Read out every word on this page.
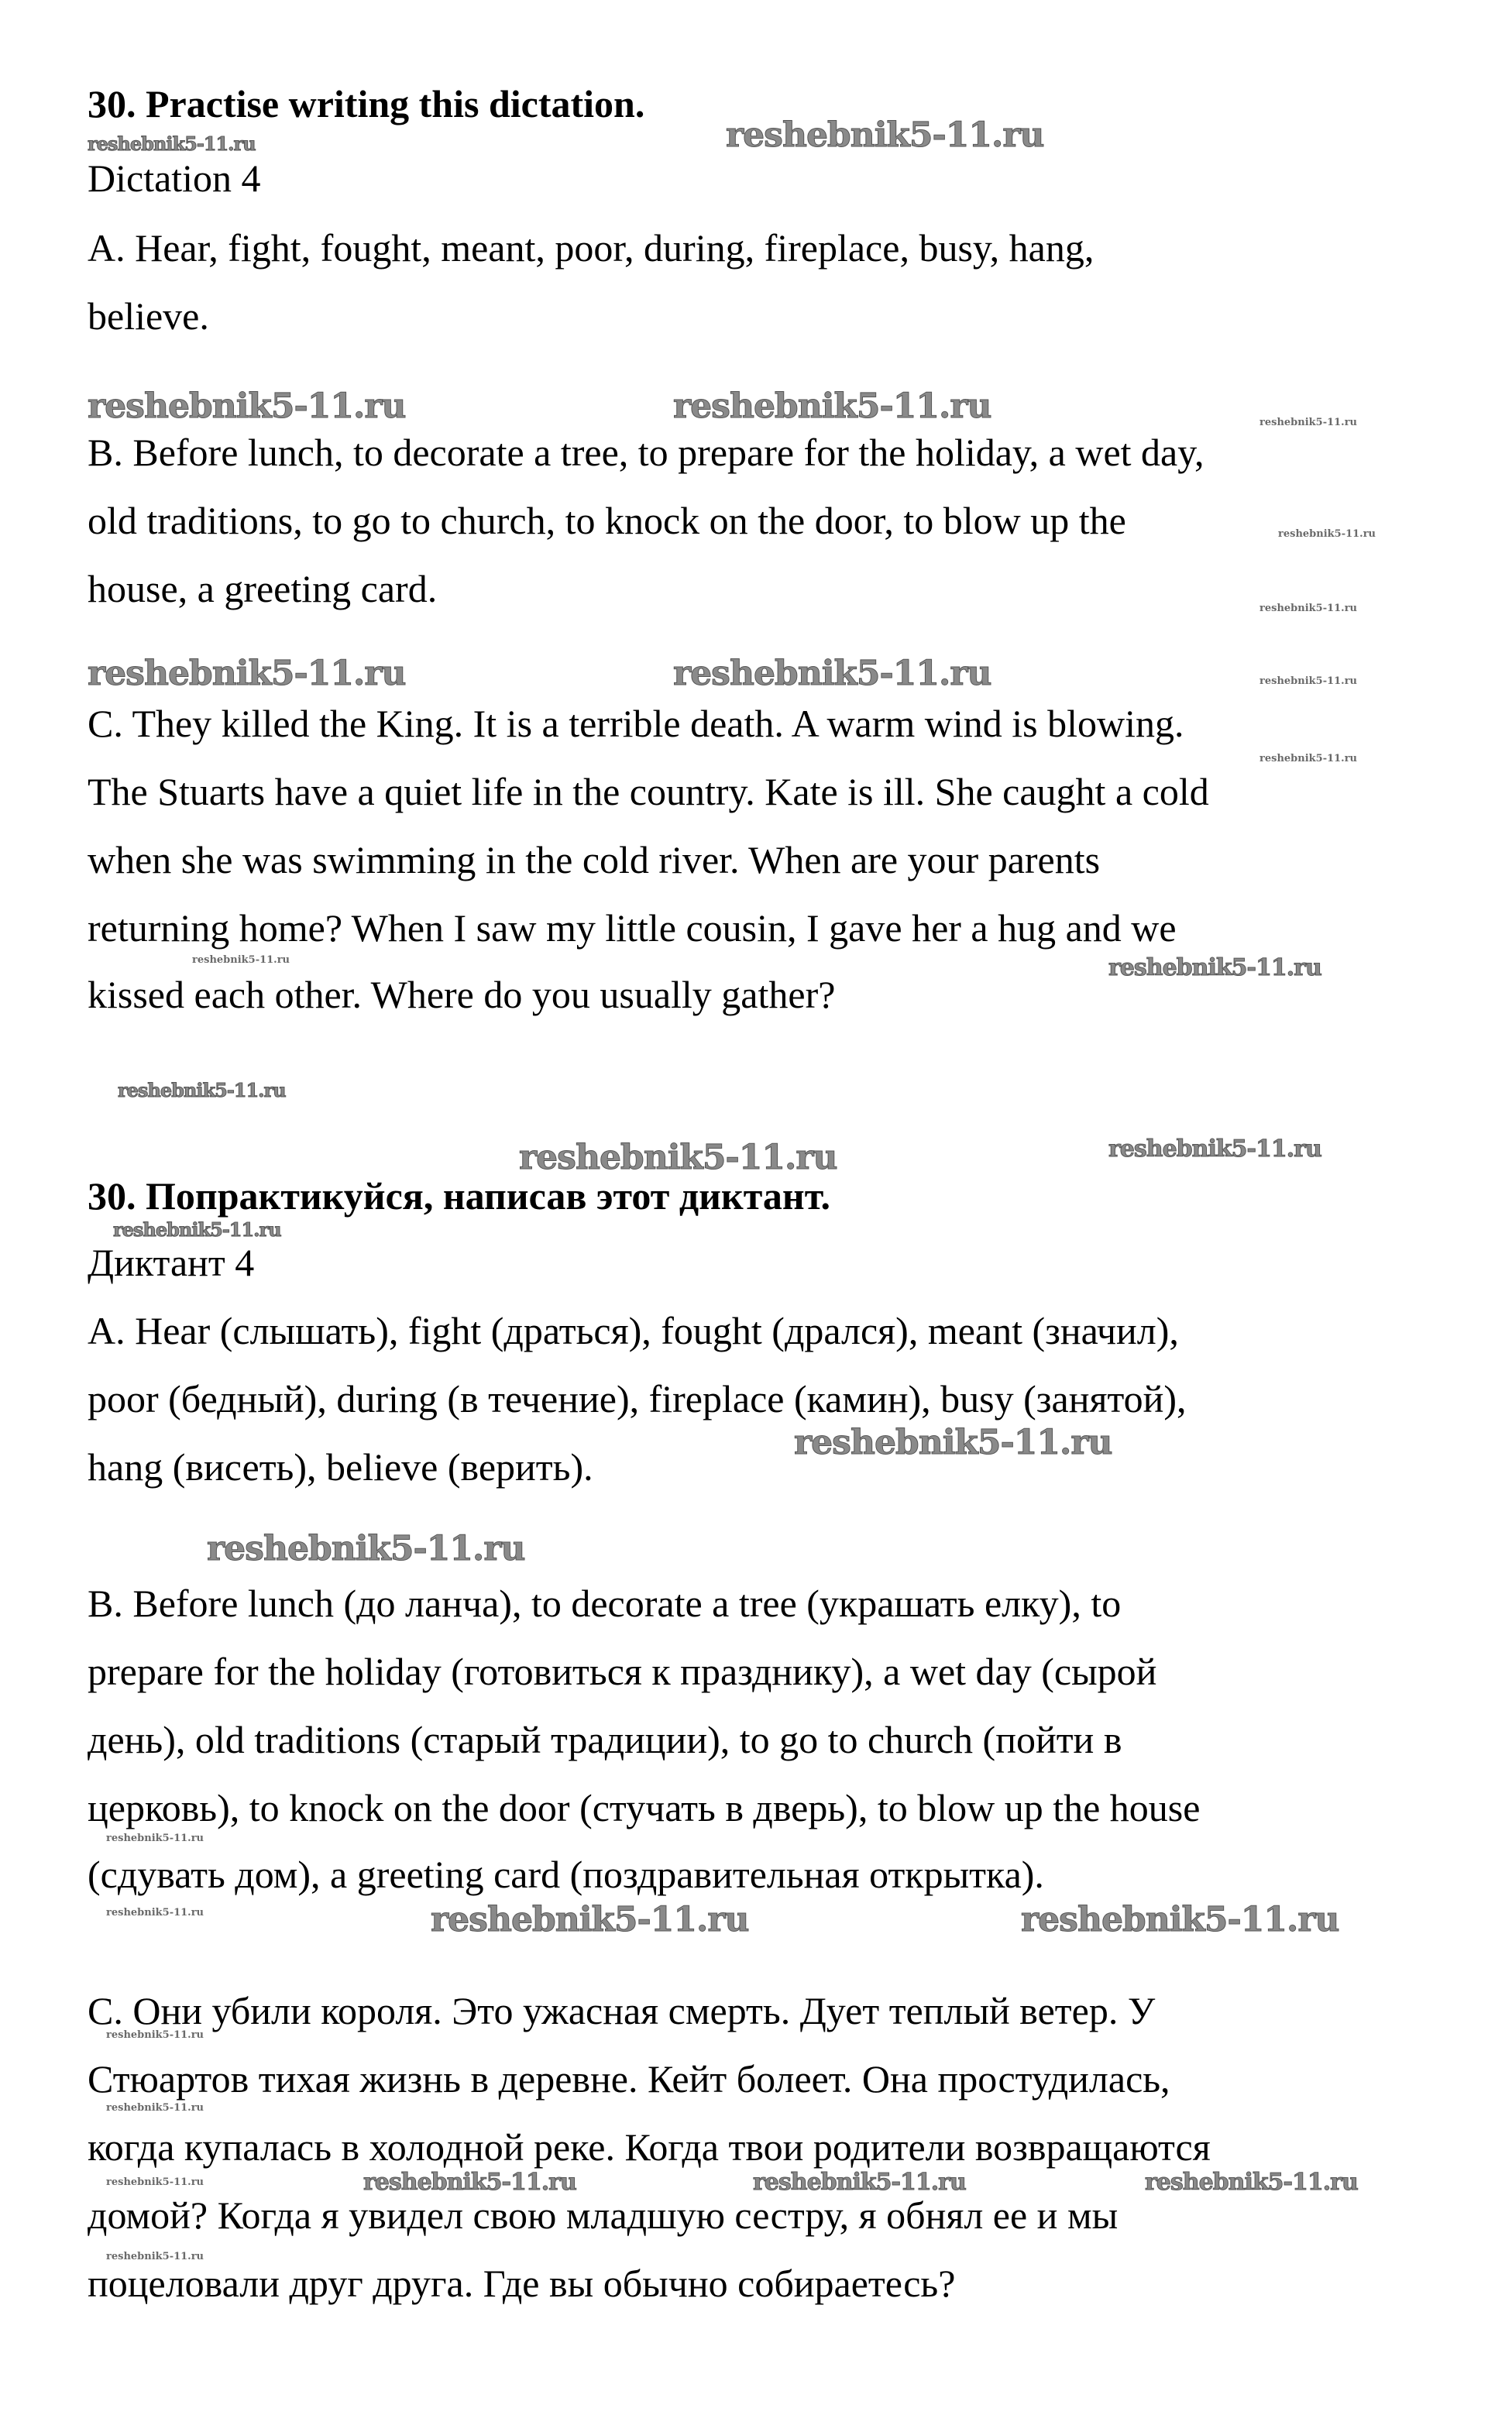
30. Practise writing this dictation.
Dictation 4
A. Hear, fight, fought, meant, poor, during, fireplace, busy, hang,
believe.
B. Before lunch, to decorate a tree, to prepare for the holiday, a wet day,
old traditions, to go to church, to knock on the door, to blow up the
house, a greeting card.
C. They killed the King. It is a terrible death. A warm wind is blowing.
The Stuarts have a quiet life in the country. Kate is ill. She caught a cold
when she was swimming in the cold river. When are your parents
returning home? When I saw my little cousin, I gave her a hug and we
kissed each other. Where do you usually gather?
30. Попрактикуйся, написав этот диктант.
Диктант 4
A. Hear (слышать), fight (драться), fought (дрался), meant (значил),
poor (бедный), during (в течение), fireplace (камин), busy (занятой),
hang (висеть), believe (верить).
B. Before lunch (до ланча), to decorate a tree (украшать елку), to
prepare for the holiday (готовиться к празднику), a wet day (сырой
день), old traditions (старый традиции), to go to church (пойти в
церковь), to knock on the door (стучать в дверь), to blow up the house
(сдувать дом), a greeting card (поздравительная открытка).
С. Они убили короля. Это ужасная смерть. Дует теплый ветер. У
Стюартов тихая жизнь в деревне. Кейт болеет. Она простудилась,
когда купалась в холодной реке. Когда твои родители возвращаются
домой? Когда я увидел свою младшую сестру, я обнял ее и мы
поцеловали друг друга. Где вы обычно собираетесь?
reshebnik5-11.ru
reshebnik5-11.ru	reshebnik5-11.ru
reshebnik5-11.ru	reshebnik5-11.ru
reshebnik5-11.ru
reshebnik5-11.ru
reshebnik5-11.ru
reshebnik5-11.ru	reshebnik5-11.ru
reshebnik5-11.ru
reshebnik5-11.ru
reshebnik5-11.ru	reshebnik5-11.ru	reshebnik5-11.ru
reshebnik5-11.ru
reshebnik5-11.ru
reshebnik5-11.ru
reshebnik5-11.ru
reshebnik5-11.ru
reshebnik5-11.ru
reshebnik5-11.ru
reshebnik5-11.ru
reshebnik5-11.ru
reshebnik5-11.ru
reshebnik5-11.ru
reshebnik5-11.ru
reshebnik5-11.ru
reshebnik5-11.ru
reshebnik5-11.ru
